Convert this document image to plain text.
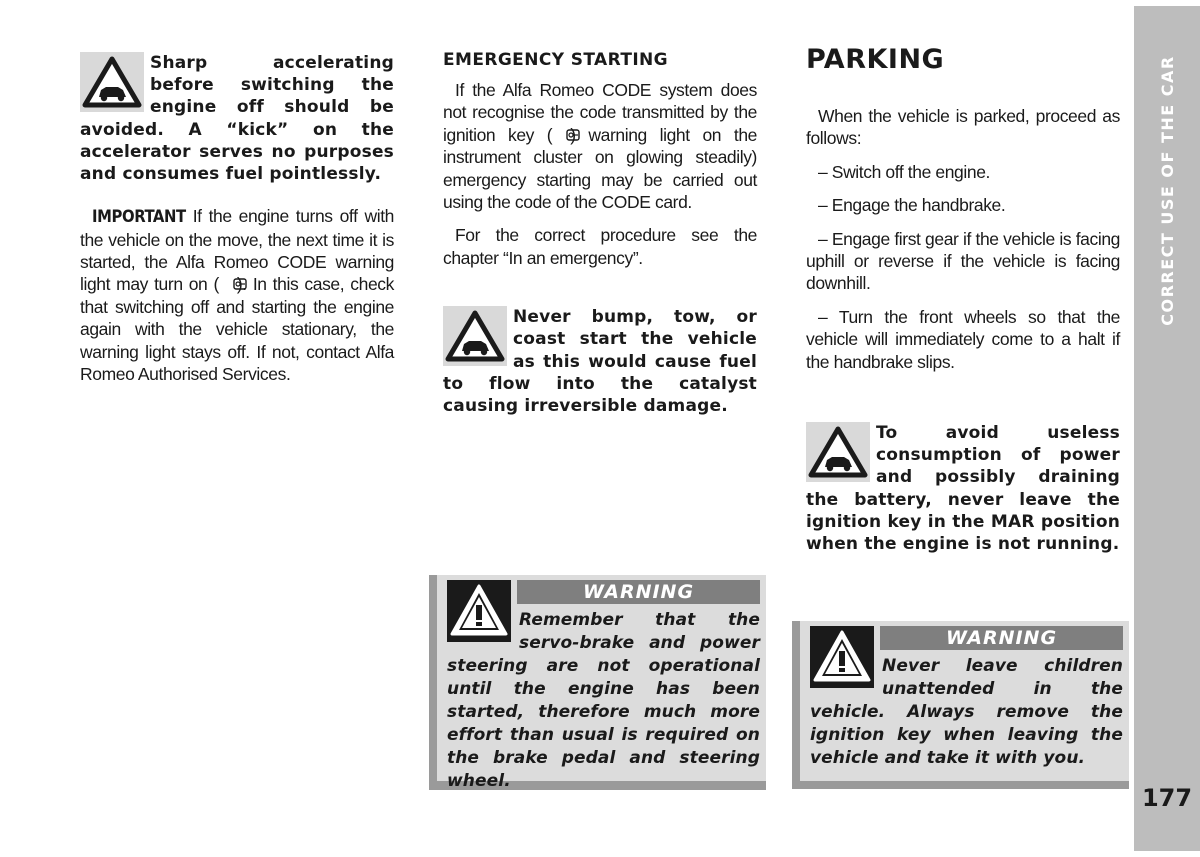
Sharp accelerating before switching the engine off should be avoided. A “kick” on the accelerator serves no purposes and consumes fuel pointlessly.
IMPORTANT If the engine turns off with the vehicle on the move, the next time it is started, the Alfa Romeo CODE warning light may turn on ( ). In this case, check that switching off and starting the engine again with the vehicle stationary, the warning light stays off. If not, contact Alfa Romeo Authorised Services.
EMERGENCY STARTING
If the Alfa Romeo CODE system does not recognise the code transmitted by the ignition key ( ) warning light on the instrument cluster on glowing steadily) emergency starting may be carried out using the code of the CODE card.
For the correct procedure see the chapter “In an emergency”.
Never bump, tow, or coast start the vehicle as this would cause fuel to flow into the catalyst causing irreversible damage.
WARNING
Remember that the servo-brake and power steering are not operational until the engine has been started, therefore much more effort than usual is required on the brake pedal and steering wheel.
PARKING
When the vehicle is parked, proceed as follows:
– Switch off the engine.
– Engage the handbrake.
– Engage first gear if the vehicle is facing uphill or reverse if the vehicle is facing downhill.
– Turn the front wheels so that the vehicle will immediately come to a halt if the handbrake slips.
To avoid useless consumption of power and possibly draining the battery, never leave the ignition key in the MAR position when the engine is not running.
WARNING
Never leave children unattended in the vehicle. Always remove the ignition key when leaving the vehicle and take it with you.
CORRECT USE OF THE CAR
177
